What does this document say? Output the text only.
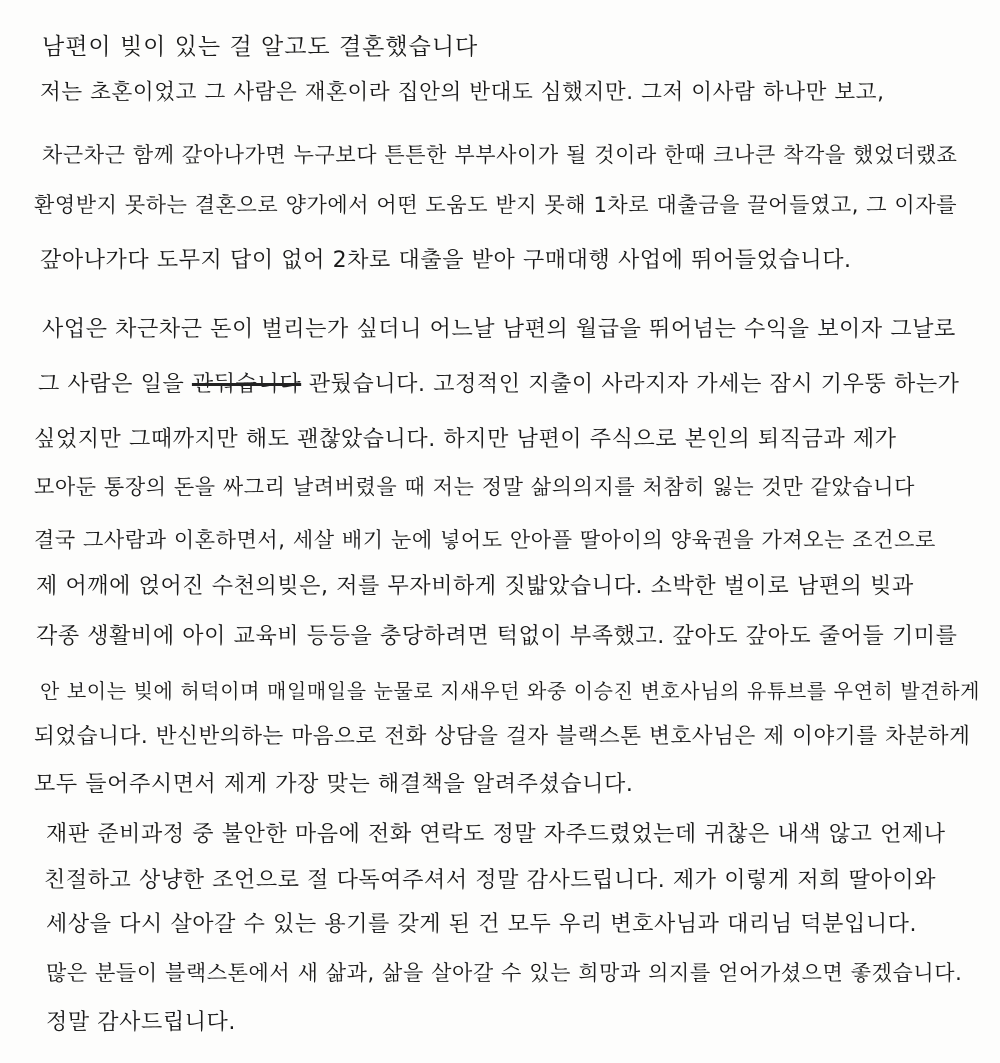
남편이 빚이 있는 걸 알고도 결혼했습니다
저는 초혼이었고 그 사람은 재혼이라 집안의 반대도 심했지만. 그저 이사람 하나만 보고,
차근차근 함께 갚아나가면 누구보다 튼튼한 부부사이가 될 것이라 한때 크나큰 착각을 했었더랬죠
환영받지 못하는 결혼으로 양가에서 어떤 도움도 받지 못해 1차로 대출금을 끌어들였고, 그 이자를
갚아나가다 도무지 답이 없어 2차로 대출을 받아 구매대행 사업에 뛰어들었습니다.
사업은 차근차근 돈이 벌리는가 싶더니 어느날 남편의 월급을 뛰어넘는 수익을 보이자 그날로
그 사람은 일을 관둬습니다 관뒀습니다. 고정적인 지출이 사라지자 가세는 잠시 기우뚱 하는가
싶었지만 그때까지만 해도 괜찮았습니다. 하지만 남편이 주식으로 본인의 퇴직금과 제가
모아둔 통장의 돈을 싸그리 날려버렸을 때 저는 정말 삶의의지를 처참히 잃는 것만 같았습니다
결국 그사람과 이혼하면서, 세살 배기 눈에 넣어도 안아플 딸아이의 양육권을 가져오는 조건으로
제 어깨에 얹어진 수천의빚은, 저를 무자비하게 짓밟았습니다. 소박한 벌이로 남편의 빚과
각종 생활비에 아이 교육비 등등을 충당하려면 턱없이 부족했고. 갚아도 갚아도 줄어들 기미를
안 보이는 빚에 허덕이며 매일매일을 눈물로 지새우던 와중 이승진 변호사님의 유튜브를 우연히 발견하게
되었습니다. 반신반의하는 마음으로 전화 상담을 걸자 블랙스톤 변호사님은 제 이야기를 차분하게
모두 들어주시면서 제게 가장 맞는 해결책을 알려주셨습니다.
재판 준비과정 중 불안한 마음에 전화 연락도 정말 자주드렸었는데 귀찮은 내색 않고 언제나
친절하고 상냥한 조언으로 절 다독여주셔서 정말 감사드립니다. 제가 이렇게 저희 딸아이와
세상을 다시 살아갈 수 있는 용기를 갖게 된 건 모두 우리 변호사님과 대리님 덕분입니다.
많은 분들이 블랙스톤에서 새 삶과, 삶을 살아갈 수 있는 희망과 의지를 얻어가셨으면 좋겠습니다.
정말 감사드립니다.
